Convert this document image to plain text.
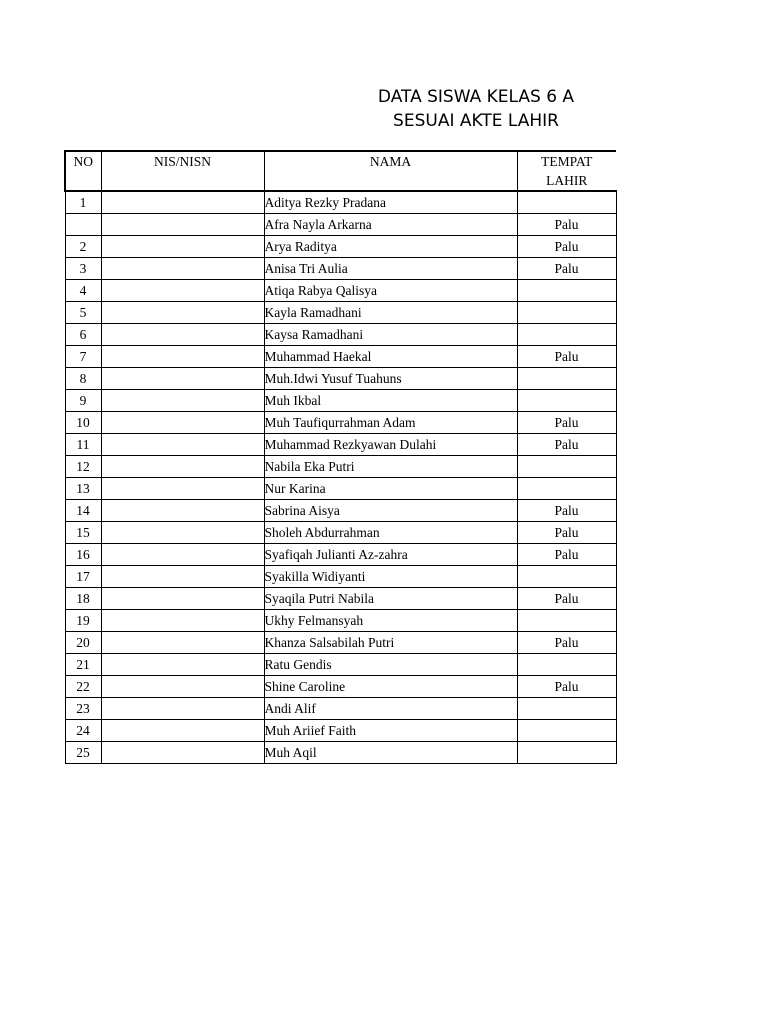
DATA SISWA KELAS 6 A
SESUAI AKTE LAHIR
NO	NIS/NISN	NAMA	TEMPAT
LAHIR
1		Aditya Rezky Pradana	
		Afra Nayla Arkarna	Palu
2		Arya Raditya	Palu
3		Anisa Tri Aulia	Palu
4		Atiqa Rabya Qalisya	
5		Kayla Ramadhani	
6		Kaysa Ramadhani	
7		Muhammad Haekal	Palu
8		Muh.Idwi Yusuf Tuahuns	
9		Muh Ikbal	
10		Muh Taufiqurrahman Adam	Palu
11		Muhammad Rezkyawan Dulahi	Palu
12		Nabila Eka Putri	
13		Nur Karina	
14		Sabrina Aisya	Palu
15		Sholeh Abdurrahman	Palu
16		Syafiqah Julianti Az-zahra	Palu
17		Syakilla Widiyanti	
18		Syaqila Putri Nabila	Palu
19		Ukhy Felmansyah	
20		Khanza Salsabilah Putri	Palu
21		Ratu Gendis	
22		Shine Caroline	Palu
23		Andi Alif	
24		Muh Ariief Faith	
25		Muh Aqil	
